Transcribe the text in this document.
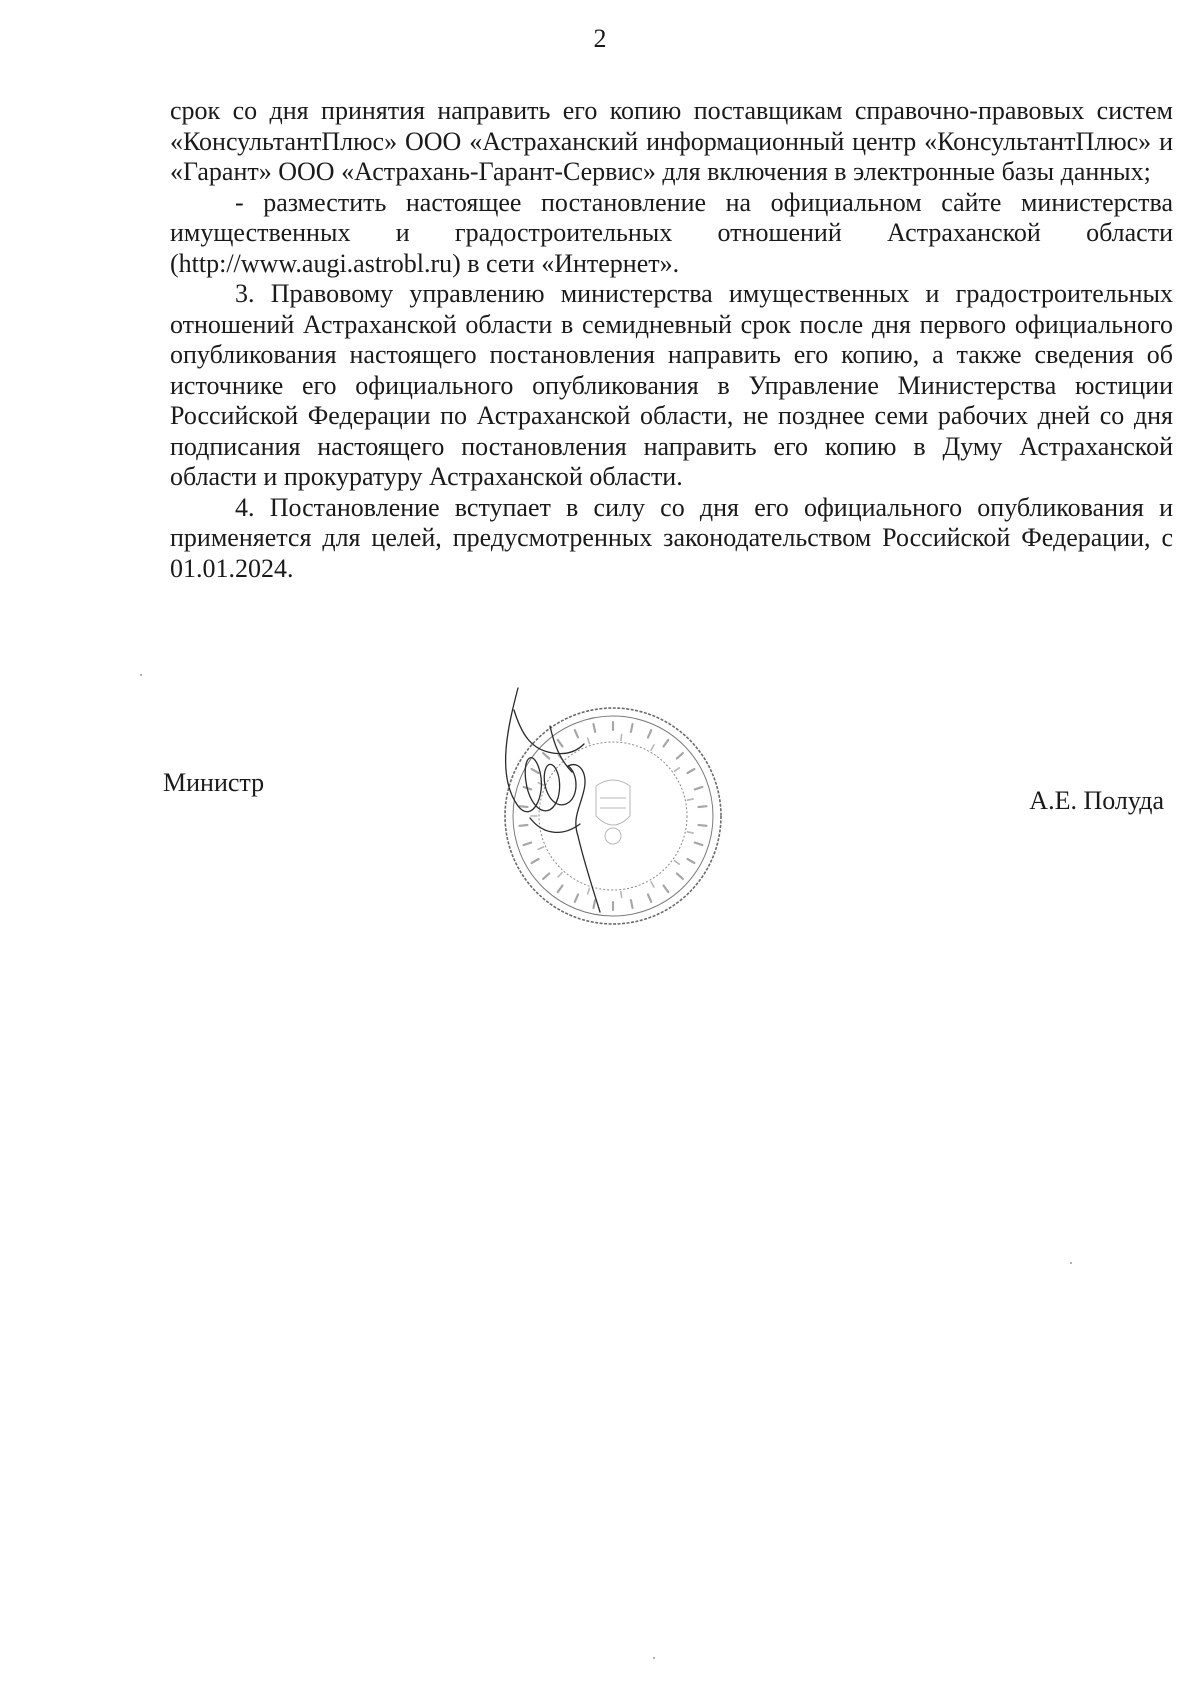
2

срок со дня принятия направить его копию поставщикам справочно-правовых систем «КонсультантПлюс» ООО «Астраханский информационный центр «КонсультантПлюс» и «Гарант» ООО «Астрахань-Гарант-Сервис» для включения в электронные базы данных;

- разместить настоящее постановление на официальном сайте министерства имущественных и градостроительных отношений Астраханской области (http://www.augi.astrobl.ru) в сети «Интернет».

3. Правовому управлению министерства имущественных и градостроительных отношений Астраханской области в семидневный срок после дня первого официального опубликования настоящего постановления направить его копию, а также сведения об источнике его официального опубликования в Управление Министерства юстиции Российской Федерации по Астраханской области, не позднее семи рабочих дней со дня подписания настоящего постановления направить его копию в Думу Астраханской области и прокуратуру Астраханской области.

4. Постановление вступает в силу со дня его официального опубликования и применяется для целей, предусмотренных законодательством Российской Федерации, с 01.01.2024.

Министр
А.Е. Полуда
